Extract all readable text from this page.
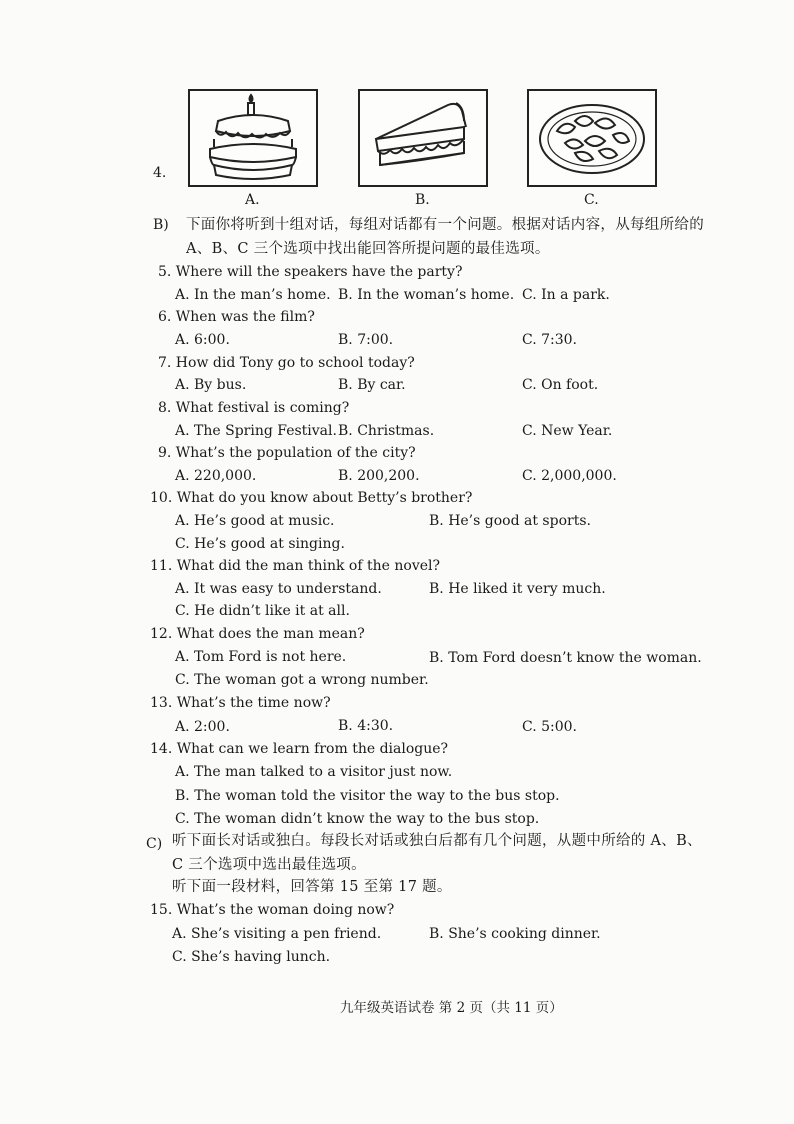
4.
A.	B.	C.
B) 下面你将听到十组对话，每组对话都有一个问题。根据对话内容，从每组所给的
A、B、C 三个选项中找出能回答所提问题的最佳选项。
5. Where will the speakers have the party?
A. In the man’s home. B. In the woman’s home. C. In a park.
6. When was the film?
A. 6:00.	B. 7:00.	C. 7:30.
7. How did Tony go to school today?
A. By bus.	B. By car.	C. On foot.
8. What festival is coming?
A. The Spring Festival. B. Christmas.	C. New Year.
9. What’s the population of the city?
A. 220,000.	B. 200,200.	C. 2,000,000.
10. What do you know about Betty’s brother?
A. He’s good at music.	B. He’s good at sports.
C. He’s good at singing.
11. What did the man think of the novel?
A. It was easy to understand.	B. He liked it very much.
C. He didn’t like it at all.
12. What does the man mean?
A. Tom Ford is not here.	B. Tom Ford doesn’t know the woman.
C. The woman got a wrong number.
13. What’s the time now?
A. 2:00.	B. 4:30.	C. 5:00.
14. What can we learn from the dialogue?
A. The man talked to a visitor just now.
B. The woman told the visitor the way to the bus stop.
C. The woman didn’t know the way to the bus stop.
C) 听下面长对话或独白。每段长对话或独白后都有几个问题，从题中所给的 A、B、
C 三个选项中选出最佳选项。
听下面一段材料，回答第 15 至第 17 题。
15. What’s the woman doing now?
A. She’s visiting a pen friend.	B. She’s cooking dinner.
C. She’s having lunch.
九年级英语试卷 第 2 页（共 11 页）
